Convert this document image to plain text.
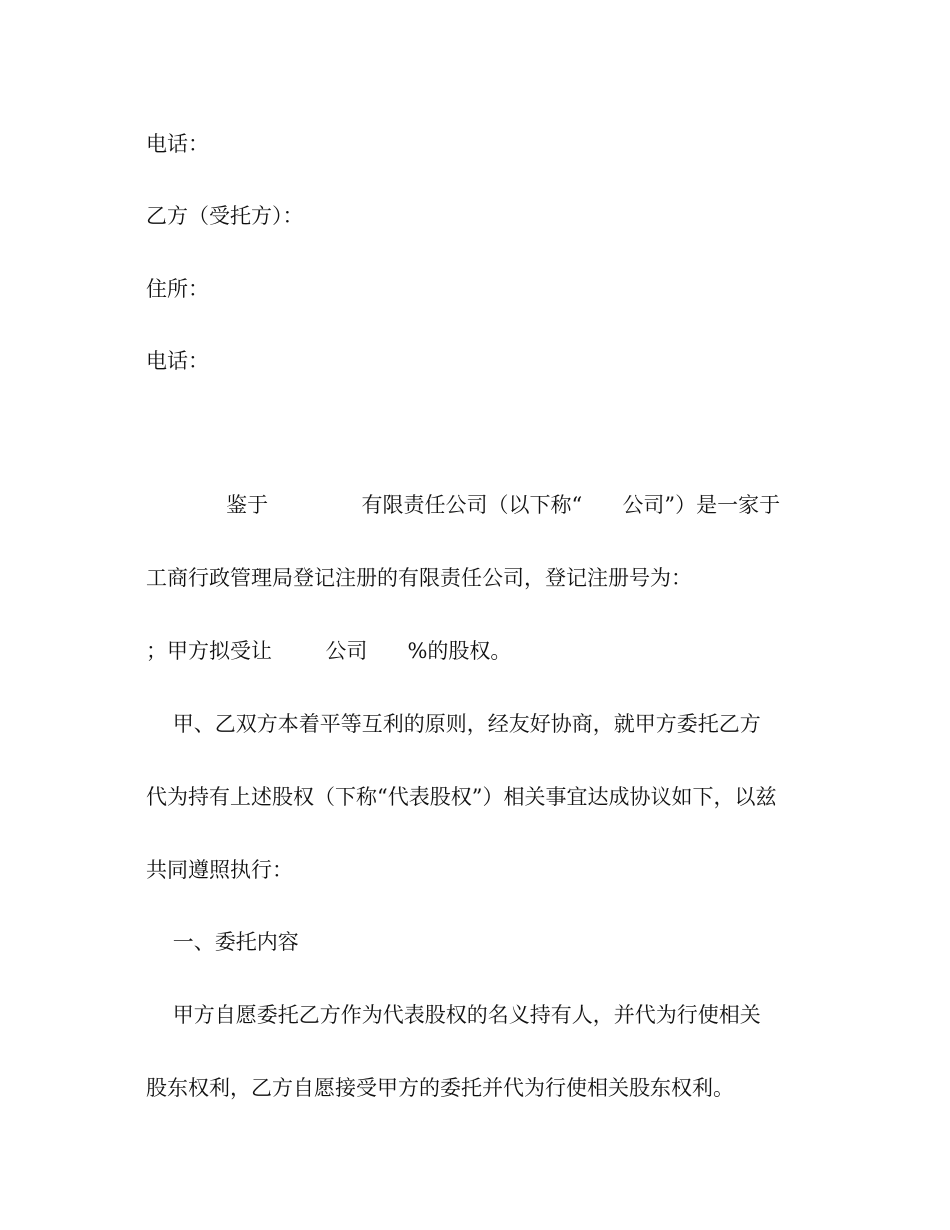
电话：

乙方（受托方）：

住所：

电话：

鉴于              有限责任公司（以下称“      公司”）是一家于

工商行政管理局登记注册的有限责任公司，登记注册号为：

；甲方拟受让        公司      %的股权。

甲、乙双方本着平等互利的原则，经友好协商，就甲方委托乙方

代为持有上述股权（下称“代表股权”）相关事宜达成协议如下，以兹

共同遵照执行：

一、委托内容

甲方自愿委托乙方作为代表股权的名义持有人，并代为行使相关

股东权利，乙方自愿接受甲方的委托并代为行使相关股东权利。
